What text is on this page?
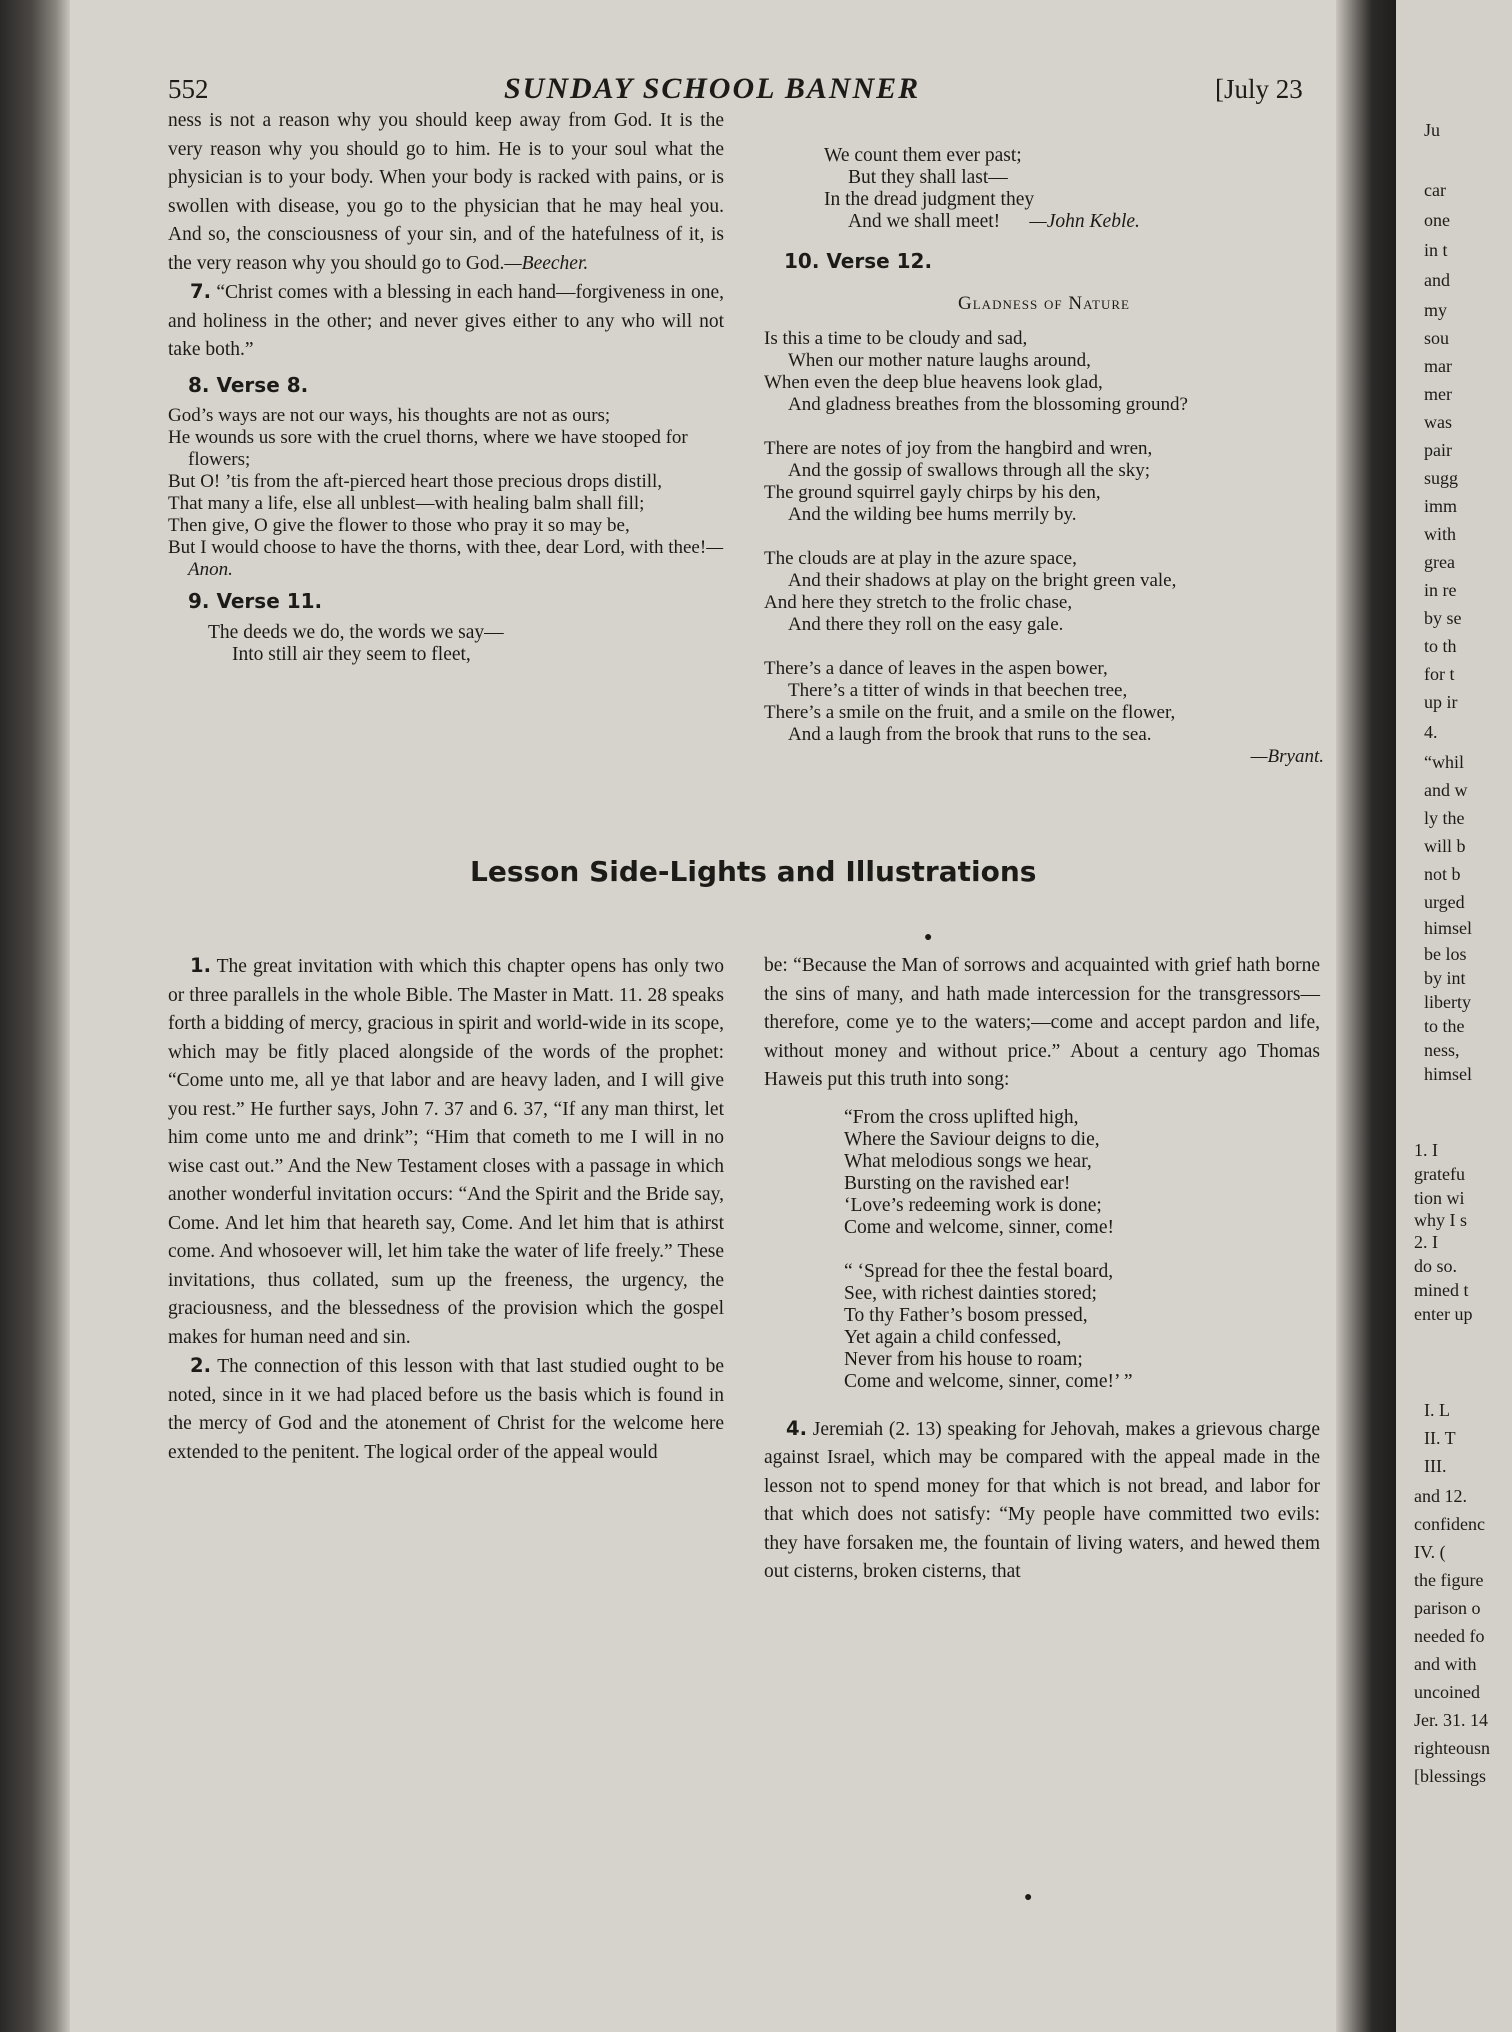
Ju
car
one
in t
and
my
sou
mar
mer
was
pair
sugg
imm
with
grea
in re
by se
to th
for t
up ir
4.
“whil
and w
ly the
will b
not b
urged
himsel
be los
by int
liberty
to the
ness,
himsel
1. I
gratefu
tion wi
why I s
2. I
do so.
mined t
enter up
I. L
II. T
III.
and 12.
confidenc
IV. (
the figure
parison o
needed fo
and with
uncoined
Jer. 31. 14
righteousn
[blessings
552	SUNDAY SCHOOL BANNER	[July 23

ness is not a reason why you should keep away from God. It is the very reason why you should go to him. He is to your soul what the physician is to your body. When your body is racked with pains, or is swollen with disease, you go to the physician that he may heal you. And so, the consciousness of your sin, and of the hatefulness of it, is the very reason why you should go to God.—Beecher.

7. “Christ comes with a blessing in each hand—forgiveness in one, and holiness in the other; and never gives either to any who will not take both.”

8. Verse 8.
God’s ways are not our ways, his thoughts are not as ours;
He wounds us sore with the cruel thorns, where we have stooped for flowers;
But O! ’tis from the aft-pierced heart those precious drops distill,
That many a life, else all unblest—with healing balm shall fill;
Then give, O give the flower to those who pray it so may be,
But I would choose to have the thorns, with thee, dear Lord, with thee!—Anon.
9. Verse 11.
The deeds we do, the words we say—
Into still air they seem to fleet,
We count them ever past;
But they shall last—
In the dread judgment they
And we shall meet! —John Keble.
10. Verse 12.
Gladness of Nature
Is this a time to be cloudy and sad,
When our mother nature laughs around,
When even the deep blue heavens look glad,
And gladness breathes from the blossoming ground?
There are notes of joy from the hangbird and wren,
And the gossip of swallows through all the sky;
The ground squirrel gayly chirps by his den,
And the wilding bee hums merrily by.
The clouds are at play in the azure space,
And their shadows at play on the bright green vale,
And here they stretch to the frolic chase,
And there they roll on the easy gale.
There’s a dance of leaves in the aspen bower,
There’s a titter of winds in that beechen tree,
There’s a smile on the fruit, and a smile on the flower,
And a laugh from the brook that runs to the sea.
—Bryant.
Lesson Side-Lights and Illustrations
●
●

1. The great invitation with which this chapter opens has only two or three parallels in the whole Bible. The Master in Matt. 11. 28 speaks forth a bidding of mercy, gracious in spirit and world-wide in its scope, which may be fitly placed alongside of the words of the prophet: “Come unto me, all ye that labor and are heavy laden, and I will give you rest.” He further says, John 7. 37 and 6. 37, “If any man thirst, let him come unto me and drink”; “Him that cometh to me I will in no wise cast out.” And the New Testament closes with a passage in which another wonderful invitation occurs: “And the Spirit and the Bride say, Come. And let him that heareth say, Come. And let him that is athirst come. And whosoever will, let him take the water of life freely.” These invitations, thus collated, sum up the freeness, the urgency, the graciousness, and the blessedness of the provision which the gospel makes for human need and sin.

2. The connection of this lesson with that last studied ought to be noted, since in it we had placed before us the basis which is found in the mercy of God and the atonement of Christ for the welcome here extended to the penitent. The logical order of the appeal would

be: “Because the Man of sorrows and acquainted with grief hath borne the sins of many, and hath made intercession for the transgressors—therefore, come ye to the waters;—come and accept pardon and life, without money and without price.” About a century ago Thomas Haweis put this truth into song:

“From the cross uplifted high,
Where the Saviour deigns to die,
What melodious songs we hear,
Bursting on the ravished ear!
‘Love’s redeeming work is done;
Come and welcome, sinner, come!
“ ‘Spread for thee the festal board,
See, with richest dainties stored;
To thy Father’s bosom pressed,
Yet again a child confessed,
Never from his house to roam;
Come and welcome, sinner, come!’ ”

4. Jeremiah (2. 13) speaking for Jehovah, makes a grievous charge against Israel, which may be compared with the appeal made in the lesson not to spend money for that which is not bread, and labor for that which does not satisfy: “My people have committed two evils: they have forsaken me, the fountain of living waters, and hewed them out cisterns, broken cisterns, that
